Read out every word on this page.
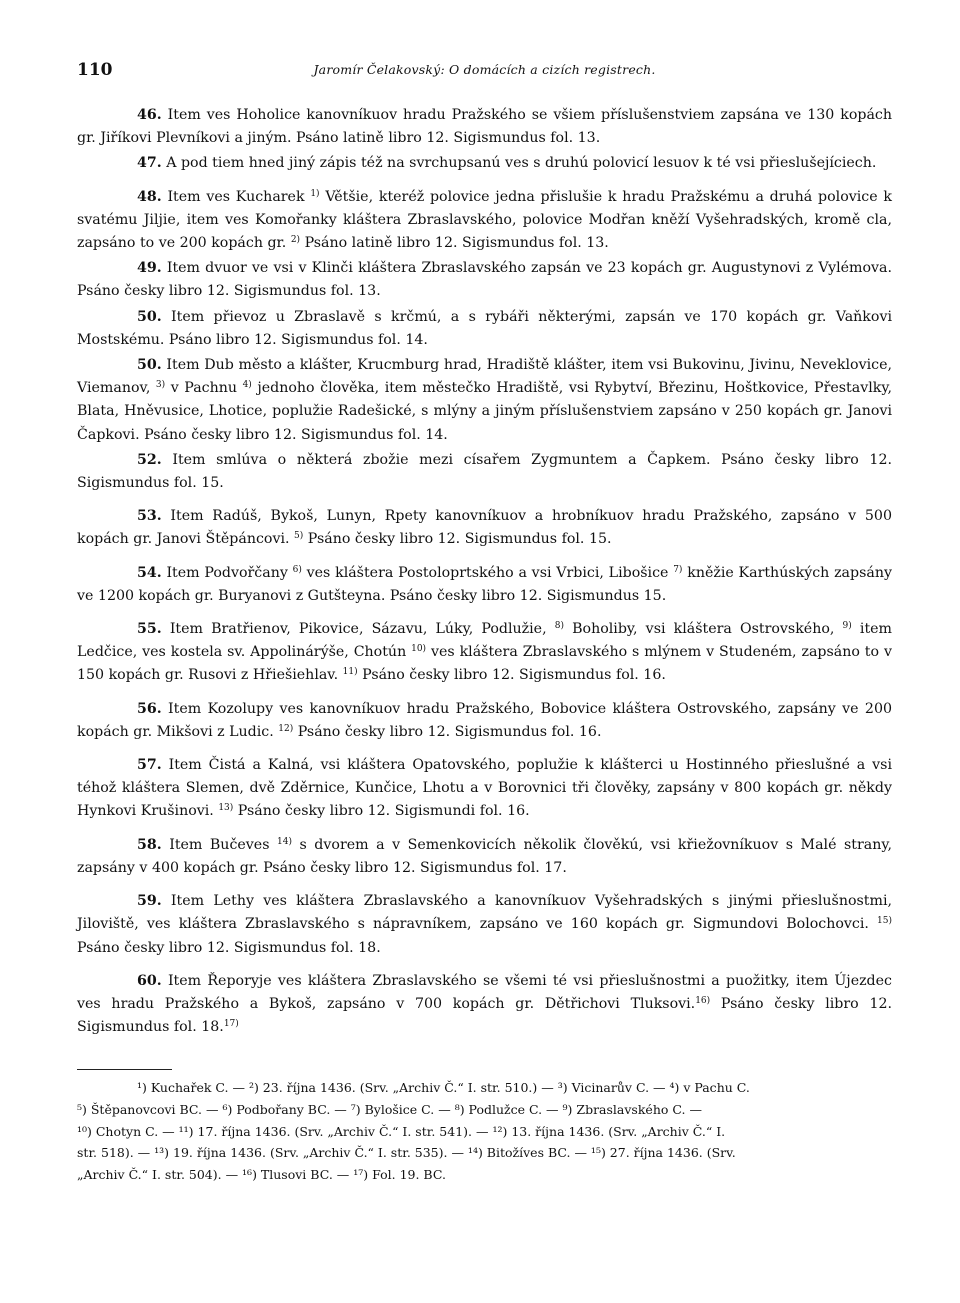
110	Jaromír Čelakovský: O domácích a cizích registrech.

46. Item ves Hoholice kanovníkuov hradu Pražského se všiem příslušenstviem zapsána ve 130 kopách gr. Jiříkovi Plevníkovi a jiným. Psáno latině libro 12. Sigismundus fol. 13.

47. A pod tiem hned jiný zápis též na svrchupsanú ves s druhú polovicí lesuov k té vsi přieslušejíciech.

48. Item ves Kucharek $^{1)}$ Většie, kteréž polovice jedna přislušie k hradu Pražskému a druhá polovice k svatému Jiljie, item ves Komořanky kláštera Zbraslavského, polovice Modřan kněží Vyšehradských, kromě cla, zapsáno to ve 200 kopách gr. $^{2)}$ Psáno latině libro 12. Sigismundus fol. 13.

49. Item dvuor ve vsi v Klinči kláštera Zbraslavského zapsán ve 23 kopách gr. Augustynovi z Vylémova. Psáno česky libro 12. Sigismundus fol. 13.

50. Item přievoz u Zbraslavě s krčmú, a s rybáři některými, zapsán ve 170 kopách gr. Vaňkovi Mostskému. Psáno libro 12. Sigismundus fol. 14.

50. Item Dub město a klášter, Krucmburg hrad, Hradiště klášter, item vsi Bukovinu, Jivinu, Neveklovice, Viemanov, $^{3)}$ v Pachnu $^{4)}$ jednoho člověka, item městečko Hradiště, vsi Rybytví, Březinu, Hoštkovice, Přestavlky, Blata, Hněvusice, Lhotice, poplužie Radešické, s mlýny a jiným příslušenstviem zapsáno v 250 kopách gr. Janovi Čapkovi. Psáno česky libro 12. Sigismundus fol. 14.

52. Item smlúva o některá zbožie mezi císařem Zygmuntem a Čapkem. Psáno česky libro 12. Sigismundus fol. 15.

53. Item Radúš, Bykoš, Lunyn, Rpety kanovníkuov a hrobníkuov hradu Pražského, zapsáno v 500 kopách gr. Janovi Štěpáncovi. $^{5)}$ Psáno česky libro 12. Sigismundus fol. 15.

54. Item Podvořčany $^{6)}$ ves kláštera Postoloprtského a vsi Vrbici, Libošice $^{7)}$ kněžie Karthúských zapsány ve 1200 kopách gr. Buryanovi z Gutšteyna. Psáno česky libro 12. Sigismundus 15.

55. Item Bratřienov, Pikovice, Sázavu, Lúky, Podlužie, $^{8)}$ Boholiby, vsi kláštera Ostrovského, $^{9)}$ item Ledčice, ves kostela sv. Appolinárýše, Chotún $^{10)}$ ves kláštera Zbraslavského s mlýnem v Studeném, zapsáno to v 150 kopách gr. Rusovi z Hřiešiehlav. $^{11)}$ Psáno česky libro 12. Sigismundus fol. 16.

56. Item Kozolupy ves kanovníkuov hradu Pražského, Bobovice kláštera Ostrovského, zapsány ve 200 kopách gr. Mikšovi z Ludic. $^{12)}$ Psáno česky libro 12. Sigismundus fol. 16.

57. Item Čistá a Kalná, vsi kláštera Opatovského, poplužie k klášterci u Hostinného přieslušné a vsi téhož kláštera Slemen, dvě Zděrnice, Kunčice, Lhotu a v Borovnici tři člověky, zapsány v 800 kopách gr. někdy Hynkovi Krušinovi. $^{13)}$ Psáno česky libro 12. Sigismundi fol. 16.

58. Item Bučeves $^{14)}$ s dvorem a v Semenkovicích několik člověkú, vsi křiežovníkuov s Malé strany, zapsány v 400 kopách gr. Psáno česky libro 12. Sigismundus fol. 17.

59. Item Lethy ves kláštera Zbraslavského a kanovníkuov Vyšehradských s jinými přieslušnostmi, Jiloviště, ves kláštera Zbraslavského s nápravníkem, zapsáno ve 160 kopách gr. Sigmundovi Bolochovci. $^{15)}$ Psáno česky libro 12. Sigismundus fol. 18.

60. Item Řeporyje ves kláštera Zbraslavského se všemi té vsi přieslušnostmi a puožitky, item Újezdec ves hradu Pražského a Bykoš, zapsáno v 700 kopách gr. Dětřichovi Tluksovi.$^{16)}$ Psáno česky libro 12. Sigismundus fol. 18.$^{17)}$

¹) Kuchařek C. — ²) 23. října 1436. (Srv. „Archiv Č.“ I. str. 510.) — ³) Vicinarův C. — ⁴) v Pachu C.

⁵) Štěpanovcovi BC. — ⁶) Podbořany BC. — ⁷) Bylošice C. — ⁸) Podlužce C. — ⁹) Zbraslavského C. —

¹⁰) Chotyn C. — ¹¹) 17. října 1436. (Srv. „Archiv Č.“ I. str. 541). — ¹²) 13. října 1436. (Srv. „Archiv Č.“ I.

str. 518). — ¹³) 19. října 1436. (Srv. „Archiv Č.“ I. str. 535). — ¹⁴) Bitožíves BC. — ¹⁵) 27. října 1436. (Srv.

„Archiv Č.“ I. str. 504). — ¹⁶) Tlusovi BC. — ¹⁷) Fol. 19. BC.
